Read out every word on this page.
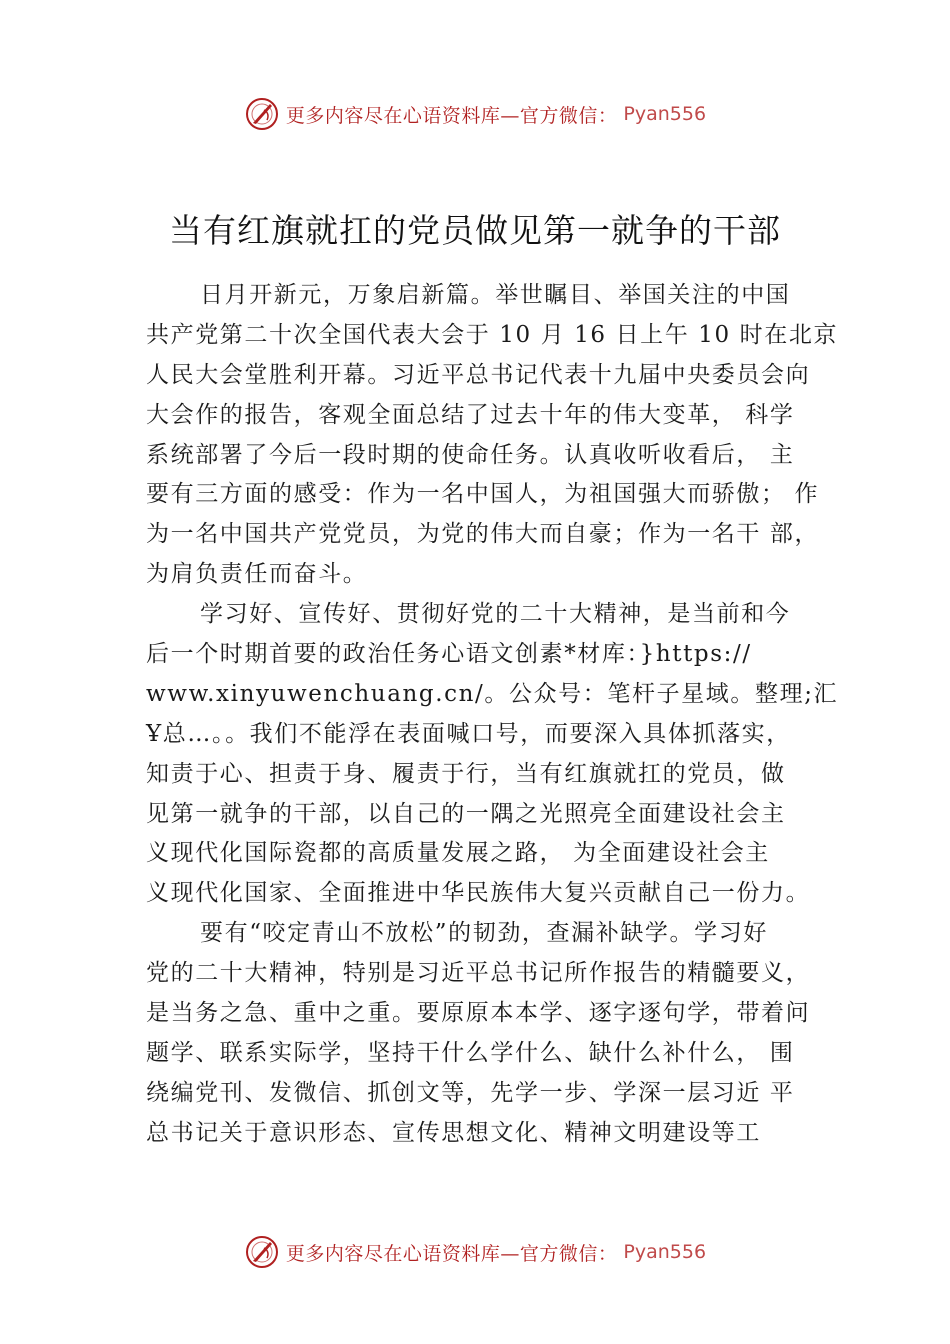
更多内容尽在心语资料库—官方微信： Pyan556
当有红旗就扛的党员做见第一就争的干部
日月开新元，万象启新篇。举世瞩目、举国关注的中国
共产党第二十次全国代表大会于 10 月 16 日上午 10 时在北京
人民大会堂胜利开幕。习近平总书记代表十九届中央委员会向
大会作的报告，客观全面总结了过去十年的伟大变革， 科学
系统部署了今后一段时期的使命任务。认真收听收看后， 主
要有三方面的感受：作为一名中国人，为祖国强大而骄傲； 作
为一名中国共产党党员，为党的伟大而自豪；作为一名干 部，
为肩负责任而奋斗。
学习好、宣传好、贯彻好党的二十大精神，是当前和今
后一个时期首要的政治任务心语文创素*材库：}https://
www.xinyuwenchuang.cn/。公众号：笔杆子星域。整理;汇
Ұ总…。。我们不能浮在表面喊口号，而要深入具体抓落实，
知责于心、担责于身、履责于行，当有红旗就扛的党员，做
见第一就争的干部，以自己的一隅之光照亮全面建设社会主
义现代化国际瓷都的高质量发展之路， 为全面建设社会主
义现代化国家、全面推进中华民族伟大复兴贡献自己一份力。
要有“咬定青山不放松”的韧劲，查漏补缺学。学习好
党的二十大精神，特别是习近平总书记所作报告的精髓要义，
是当务之急、重中之重。要原原本本学、逐字逐句学，带着问
题学、联系实际学，坚持干什么学什么、缺什么补什么， 围
绕编党刊、发微信、抓创文等，先学一步、学深一层习近 平
总书记关于意识形态、宣传思想文化、精神文明建设等工
更多内容尽在心语资料库—官方微信： Pyan556
